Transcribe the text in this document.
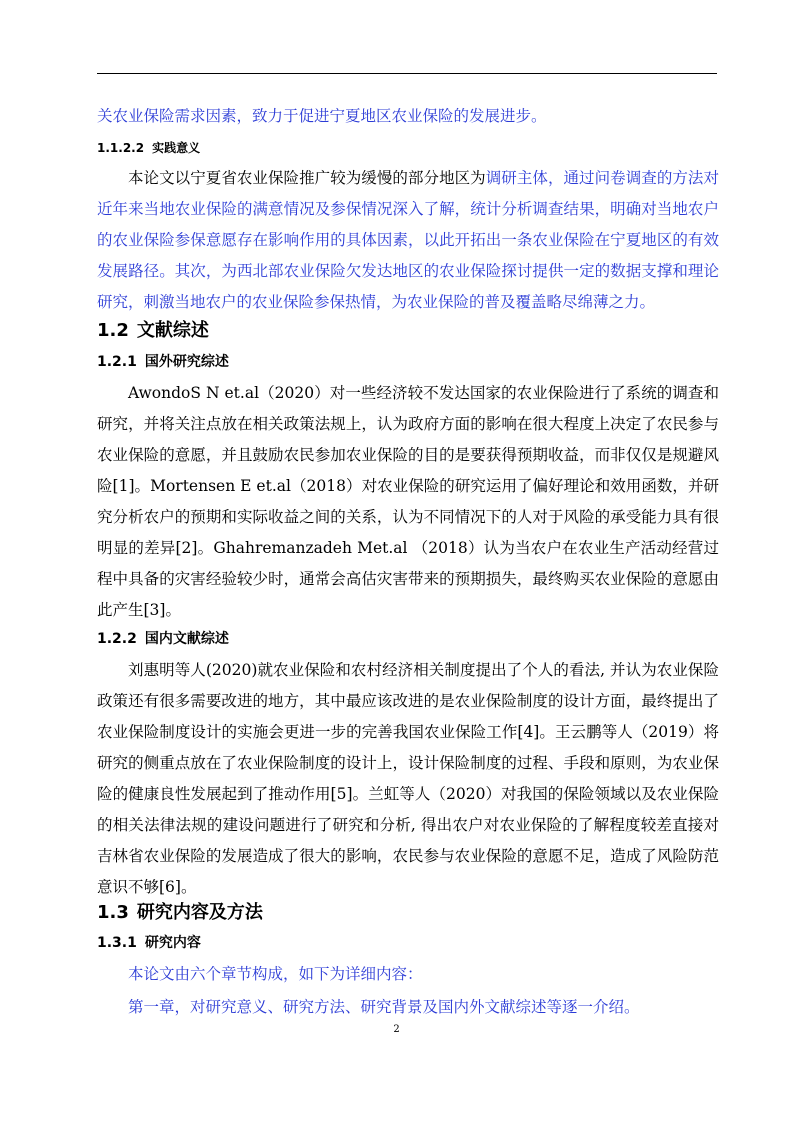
关农业保险需求因素，致力于促进宁夏地区农业保险的发展进步。

1.1.2.2 实践意义

本论文以宁夏省农业保险推广较为缓慢的部分地区为调研主体，通过问卷调查的方法对近年来当地农业保险的满意情况及参保情况深入了解，统计分析调查结果，明确对当地农户的农业保险参保意愿存在影响作用的具体因素，以此开拓出一条农业保险在宁夏地区的有效发展路径。其次，为西北部农业保险欠发达地区的农业保险探讨提供一定的数据支撑和理论研究，刺激当地农户的农业保险参保热情，为农业保险的普及覆盖略尽绵薄之力。

1.2 文献综述
1.2.1 国外研究综述

AwondoS N et.al（2020）对一些经济较不发达国家的农业保险进行了系统的调查和研究，并将关注点放在相关政策法规上，认为政府方面的影响在很大程度上决定了农民参与农业保险的意愿，并且鼓励农民参加农业保险的目的是要获得预期收益，而非仅仅是规避风险[1]。Mortensen E et.al（2018）对农业保险的研究运用了偏好理论和效用函数，并研究分析农户的预期和实际收益之间的关系，认为不同情况下的人对于风险的承受能力具有很明显的差异[2]。Ghahremanzadeh Met.al （2018）认为当农户在农业生产活动经营过程中具备的灾害经验较少时，通常会高估灾害带来的预期损失，最终购买农业保险的意愿由此产生[3]。

1.2.2 国内文献综述

刘惠明等人(2020)就农业保险和农村经济相关制度提出了个人的看法, 并认为农业保险政策还有很多需要改进的地方，其中最应该改进的是农业保险制度的设计方面，最终提出了农业保险制度设计的实施会更进一步的完善我国农业保险工作[4]。王云鹏等人（2019）将研究的侧重点放在了农业保险制度的设计上，设计保险制度的过程、手段和原则，为农业保险的健康良性发展起到了推动作用[5]。兰虹等人（2020）对我国的保险领域以及农业保险的相关法律法规的建设问题进行了研究和分析, 得出农户对农业保险的了解程度较差直接对吉林省农业保险的发展造成了很大的影响，农民参与农业保险的意愿不足，造成了风险防范意识不够[6]。

1.3 研究内容及方法
1.3.1 研究内容

本论文由六个章节构成，如下为详细内容：

第一章，对研究意义、研究方法、研究背景及国内外文献综述等逐一介绍。

2
